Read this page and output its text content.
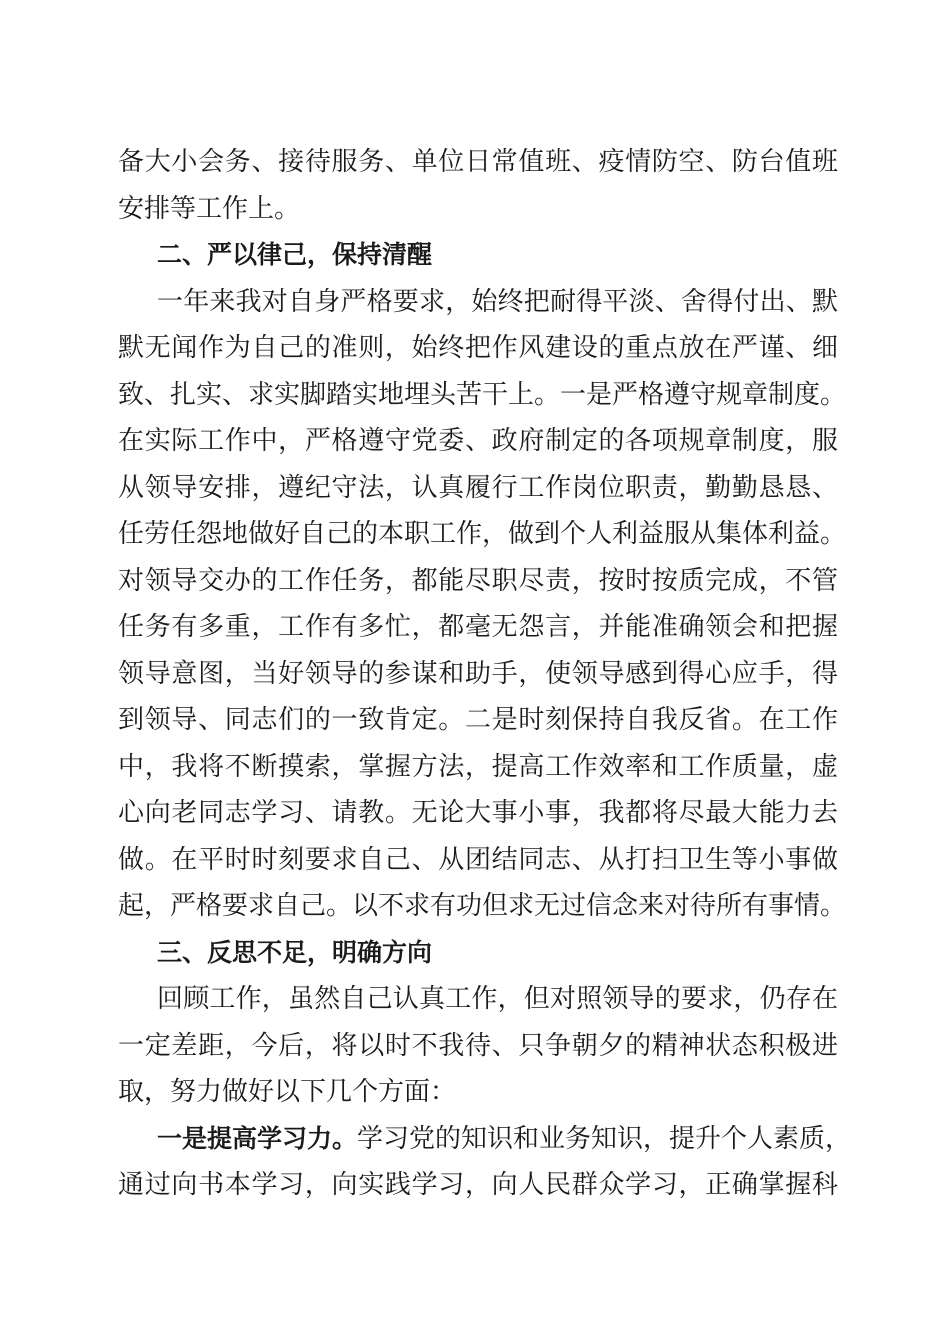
备大小会务、接待服务、单位日常值班、疫情防空、防台值班
安排等工作上。
二、严以律己，保持清醒
一年来我对自身严格要求，始终把耐得平淡、舍得付出、默
默无闻作为自己的准则，始终把作风建设的重点放在严谨、细
致、扎实、求实脚踏实地埋头苦干上。一是严格遵守规章制度。
在实际工作中，严格遵守党委、政府制定的各项规章制度，服
从领导安排，遵纪守法，认真履行工作岗位职责，勤勤恳恳、
任劳任怨地做好自己的本职工作，做到个人利益服从集体利益。
对领导交办的工作任务，都能尽职尽责，按时按质完成，不管
任务有多重，工作有多忙，都毫无怨言，并能准确领会和把握
领导意图，当好领导的参谋和助手，使领导感到得心应手，得
到领导、同志们的一致肯定。二是时刻保持自我反省。在工作
中，我将不断摸索，掌握方法，提高工作效率和工作质量，虚
心向老同志学习、请教。无论大事小事，我都将尽最大能力去
做。在平时时刻要求自己、从团结同志、从打扫卫生等小事做
起，严格要求自己。以不求有功但求无过信念来对待所有事情。
三、反思不足，明确方向
回顾工作，虽然自己认真工作，但对照领导的要求，仍存在
一定差距，今后，将以时不我待、只争朝夕的精神状态积极进
取，努力做好以下几个方面：
一是提高学习力。学习党的知识和业务知识，提升个人素质，
通过向书本学习，向实践学习，向人民群众学习，正确掌握科
